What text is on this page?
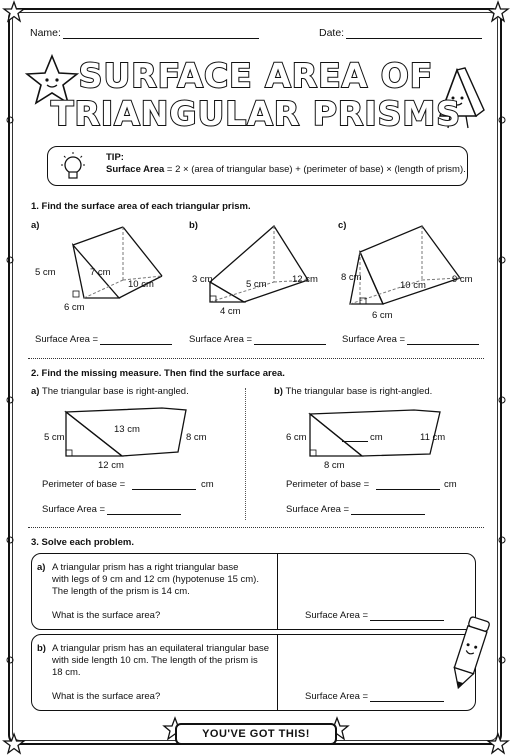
Name:	Date:
SURFACE AREA OF
TRIANGULAR PRISMS
TIP:
Surface Area = 2 × (area of triangular base) + (perimeter of base) × (length of prism).
1. Find the surface area of each triangular prism.
a)	b)	c)
5 cm	7 cm
10 cm
6 cm
3 cm	5 cm	12 cm
4 cm
8 cm
10 cm
9 cm
6 cm
Surface Area =	Surface Area =	Surface Area =
2. Find the missing measure. Then find the surface area.
a) The triangular base is right-angled.	b) The triangular base is right-angled.
5 cm
13 cm
8 cm
12 cm
6 cm	cm	11 cm
8 cm
Perimeter of base =	cm
Surface Area =
Perimeter of base =	cm
Surface Area =
3. Solve each problem.
a) A triangular prism has a right triangular base
with legs of 9 cm and 12 cm (hypotenuse 15 cm).
The length of the prism is 14 cm.
What is the surface area?	Surface Area =
b) A triangular prism has an equilateral triangular base
with side length 10 cm. The length of the prism is
18 cm.
What is the surface area?	Surface Area =
YOU'VE GOT THIS!
